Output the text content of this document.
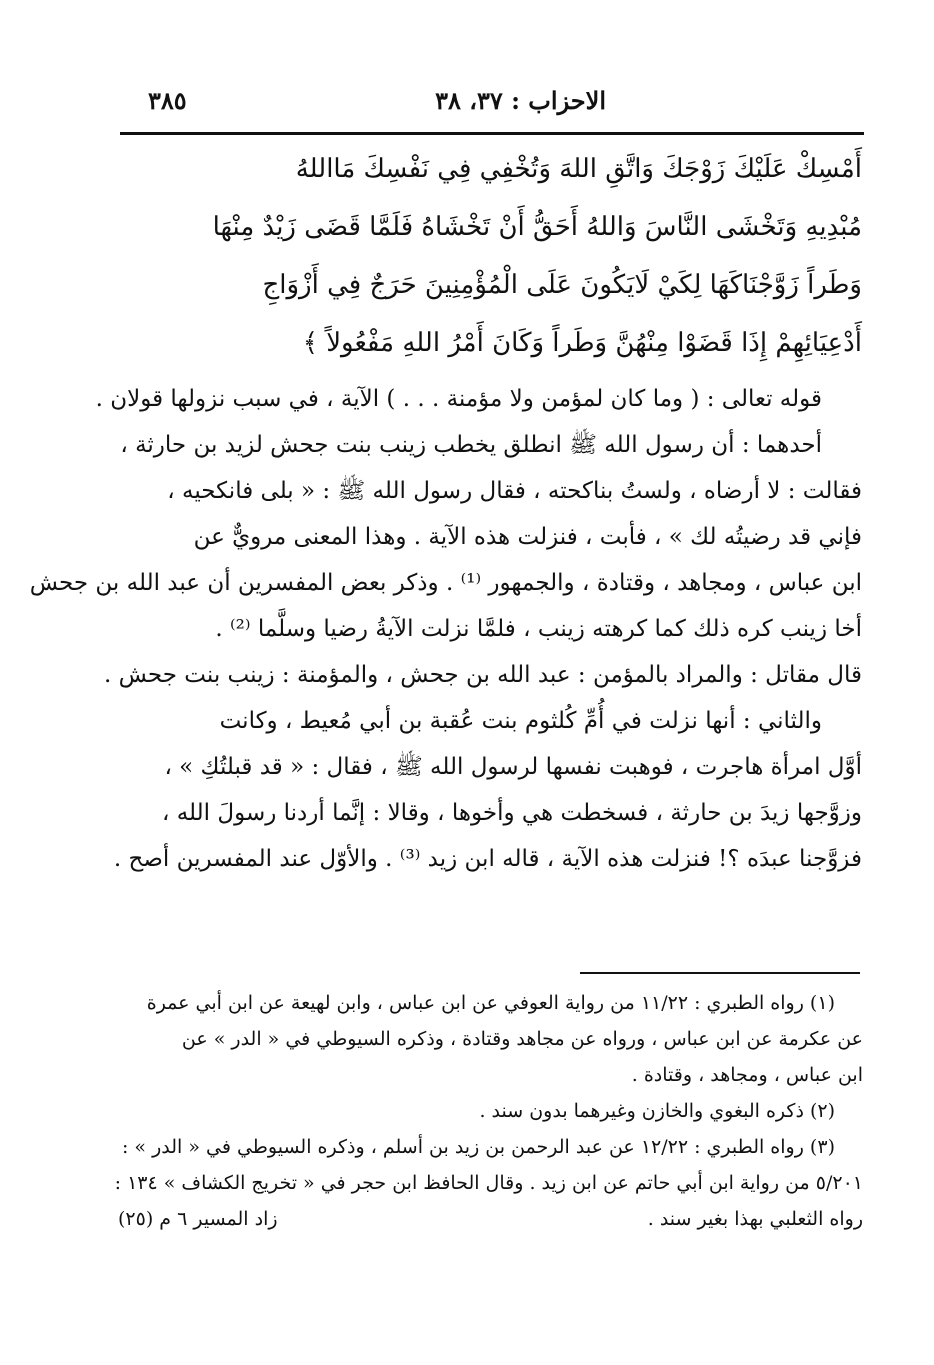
الاحزاب : ٣٧، ٣٨
٣٨٥
أَمْسِكْ عَلَيْكَ زَوْجَكَ وَاتَّقِ اللهَ وَتُخْفِي فِي نَفْسِكَ مَااللهُ
مُبْدِيهِ وَتَخْشَى النَّاسَ وَاللهُ أَحَقُّ أَنْ تَخْشَاهُ فَلَمَّا قَضَى زَيْدٌ مِنْهَا
وَطَراً زَوَّجْنَاكَهَا لِكَيْ لَايَكُونَ عَلَى الْمُؤْمِنِينَ حَرَجٌ فِي أَزْوَاجِ
أَدْعِيَائِهِمْ إِذَا قَضَوْا مِنْهُنَّ وَطَراً وَكَانَ أَمْرُ اللهِ مَفْعُولاً ﴾
قوله تعالى : ( وما كان لمؤمن ولا مؤمنة . . . ) الآية ، في سبب نزولها قولان .
أحدهما : أن رسول الله ﷺ انطلق يخطب زينب بنت جحش لزيد بن حارثة ،
فقالت : لا أرضاه ، ولستُ بناكحته ، فقال رسول الله ﷺ : « بلى فانكحيه ،
فإني قد رضيتُه لك » ، فأبت ، فنزلت هذه الآية . وهذا المعنى مرويٌّ عن
ابن عباس ، ومجاهد ، وقتادة ، والجمهور ⁽¹⁾ . وذكر بعض المفسرين أن عبد الله بن جحش
أخا زينب كره ذلك كما كرهته زينب ، فلمَّا نزلت الآيةُ رضيا وسلَّما ⁽²⁾ .
قال مقاتل : والمراد بالمؤمن : عبد الله بن جحش ، والمؤمنة : زينب بنت جحش .
والثاني : أنها نزلت في أُمِّ كُلثوم بنت عُقبة بن أبي مُعيط ، وكانت
أوَّل امرأة هاجرت ، فوهبت نفسها لرسول الله ﷺ ، فقال : « قد قبلتُكِ » ،
وزوَّجها زيدَ بن حارثة ، فسخطت هي وأخوها ، وقالا : إنَّما أردنا رسولَ الله ،
فزوَّجنا عبدَه ؟! فنزلت هذه الآية ، قاله ابن زيد ⁽³⁾ . والأوّل عند المفسرين أصح .
(١) رواه الطبري : ١١/٢٢ من رواية العوفي عن ابن عباس ، وابن لهيعة عن ابن أبي عمرة
عن عكرمة عن ابن عباس ، ورواه عن مجاهد وقتادة ، وذكره السيوطي في « الدر » عن
ابن عباس ، ومجاهد ، وقتادة .
(٢) ذكره البغوي والخازن وغيرهما بدون سند .
(٣) رواه الطبري : ١٢/٢٢ عن عبد الرحمن بن زيد بن أسلم ، وذكره السيوطي في « الدر » :
٥/٢٠١ من رواية ابن أبي حاتم عن ابن زيد . وقال الحافظ ابن حجر في « تخريج الكشاف » ١٣٤ :
رواه الثعلبي بهذا بغير سند .
زاد المسير ٦ م (٢٥)
